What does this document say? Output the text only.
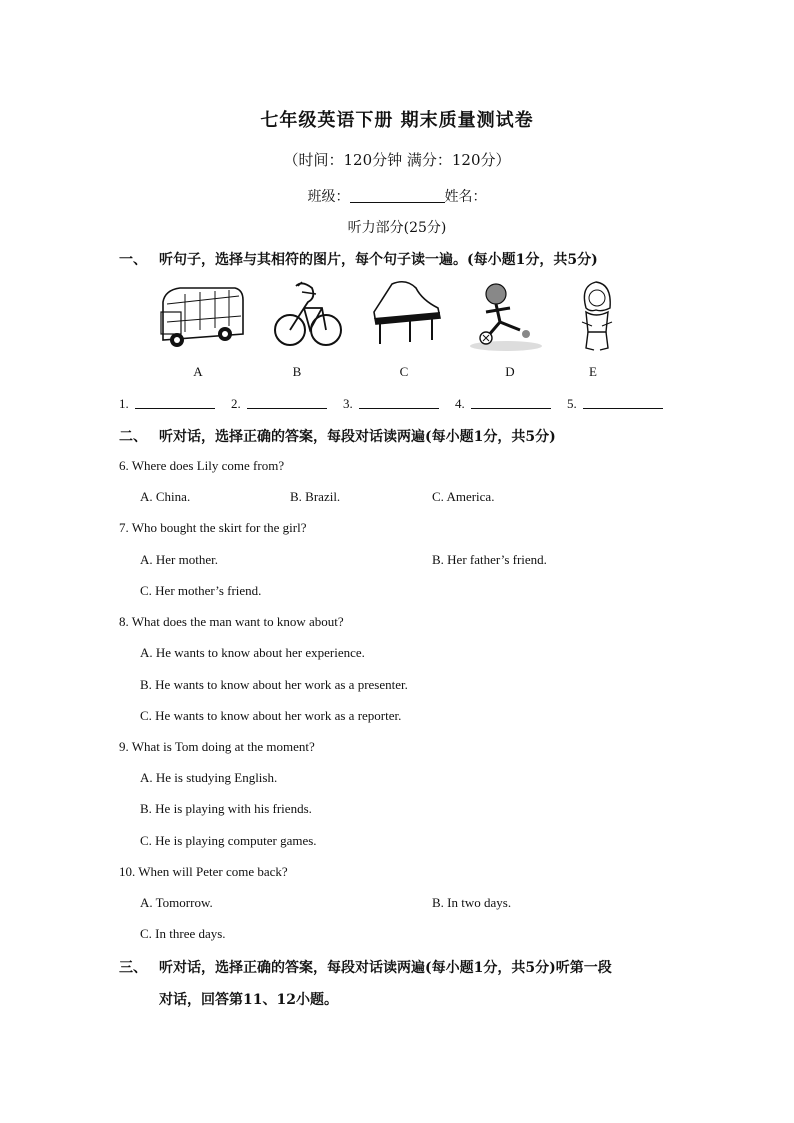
七年级英语下册 期末质量测试卷
（时间：120分钟 满分：120分）
班级：	姓名：
听力部分(25分)
一、 听句子，选择与其相符的图片，每个句子读一遍。(每小题1分，共5分)
A	B	C	D	E
1.	2.	3.	4.	5.
二、 听对话，选择正确的答案，每段对话读两遍(每小题1分，共5分)
6. Where does Lily come from?
A. China.	B. Brazil.	C. America.
7. Who bought the skirt for the girl?
A. Her mother.	B. Her father’s friend.
C. Her mother’s friend.
8. What does the man want to know about?
A. He wants to know about her experience.
B. He wants to know about her work as a presenter.
C. He wants to know about her work as a reporter.
9. What is Tom doing at the moment?
A. He is studying English.
B. He is playing with his friends.
C. He is playing computer games.
10. When will Peter come back?
A. Tomorrow.	B. In two days.
C. In three days.
三、 听对话，选择正确的答案，每段对话读两遍(每小题1分，共5分)听第一段
对话，回答第11、12小题。
